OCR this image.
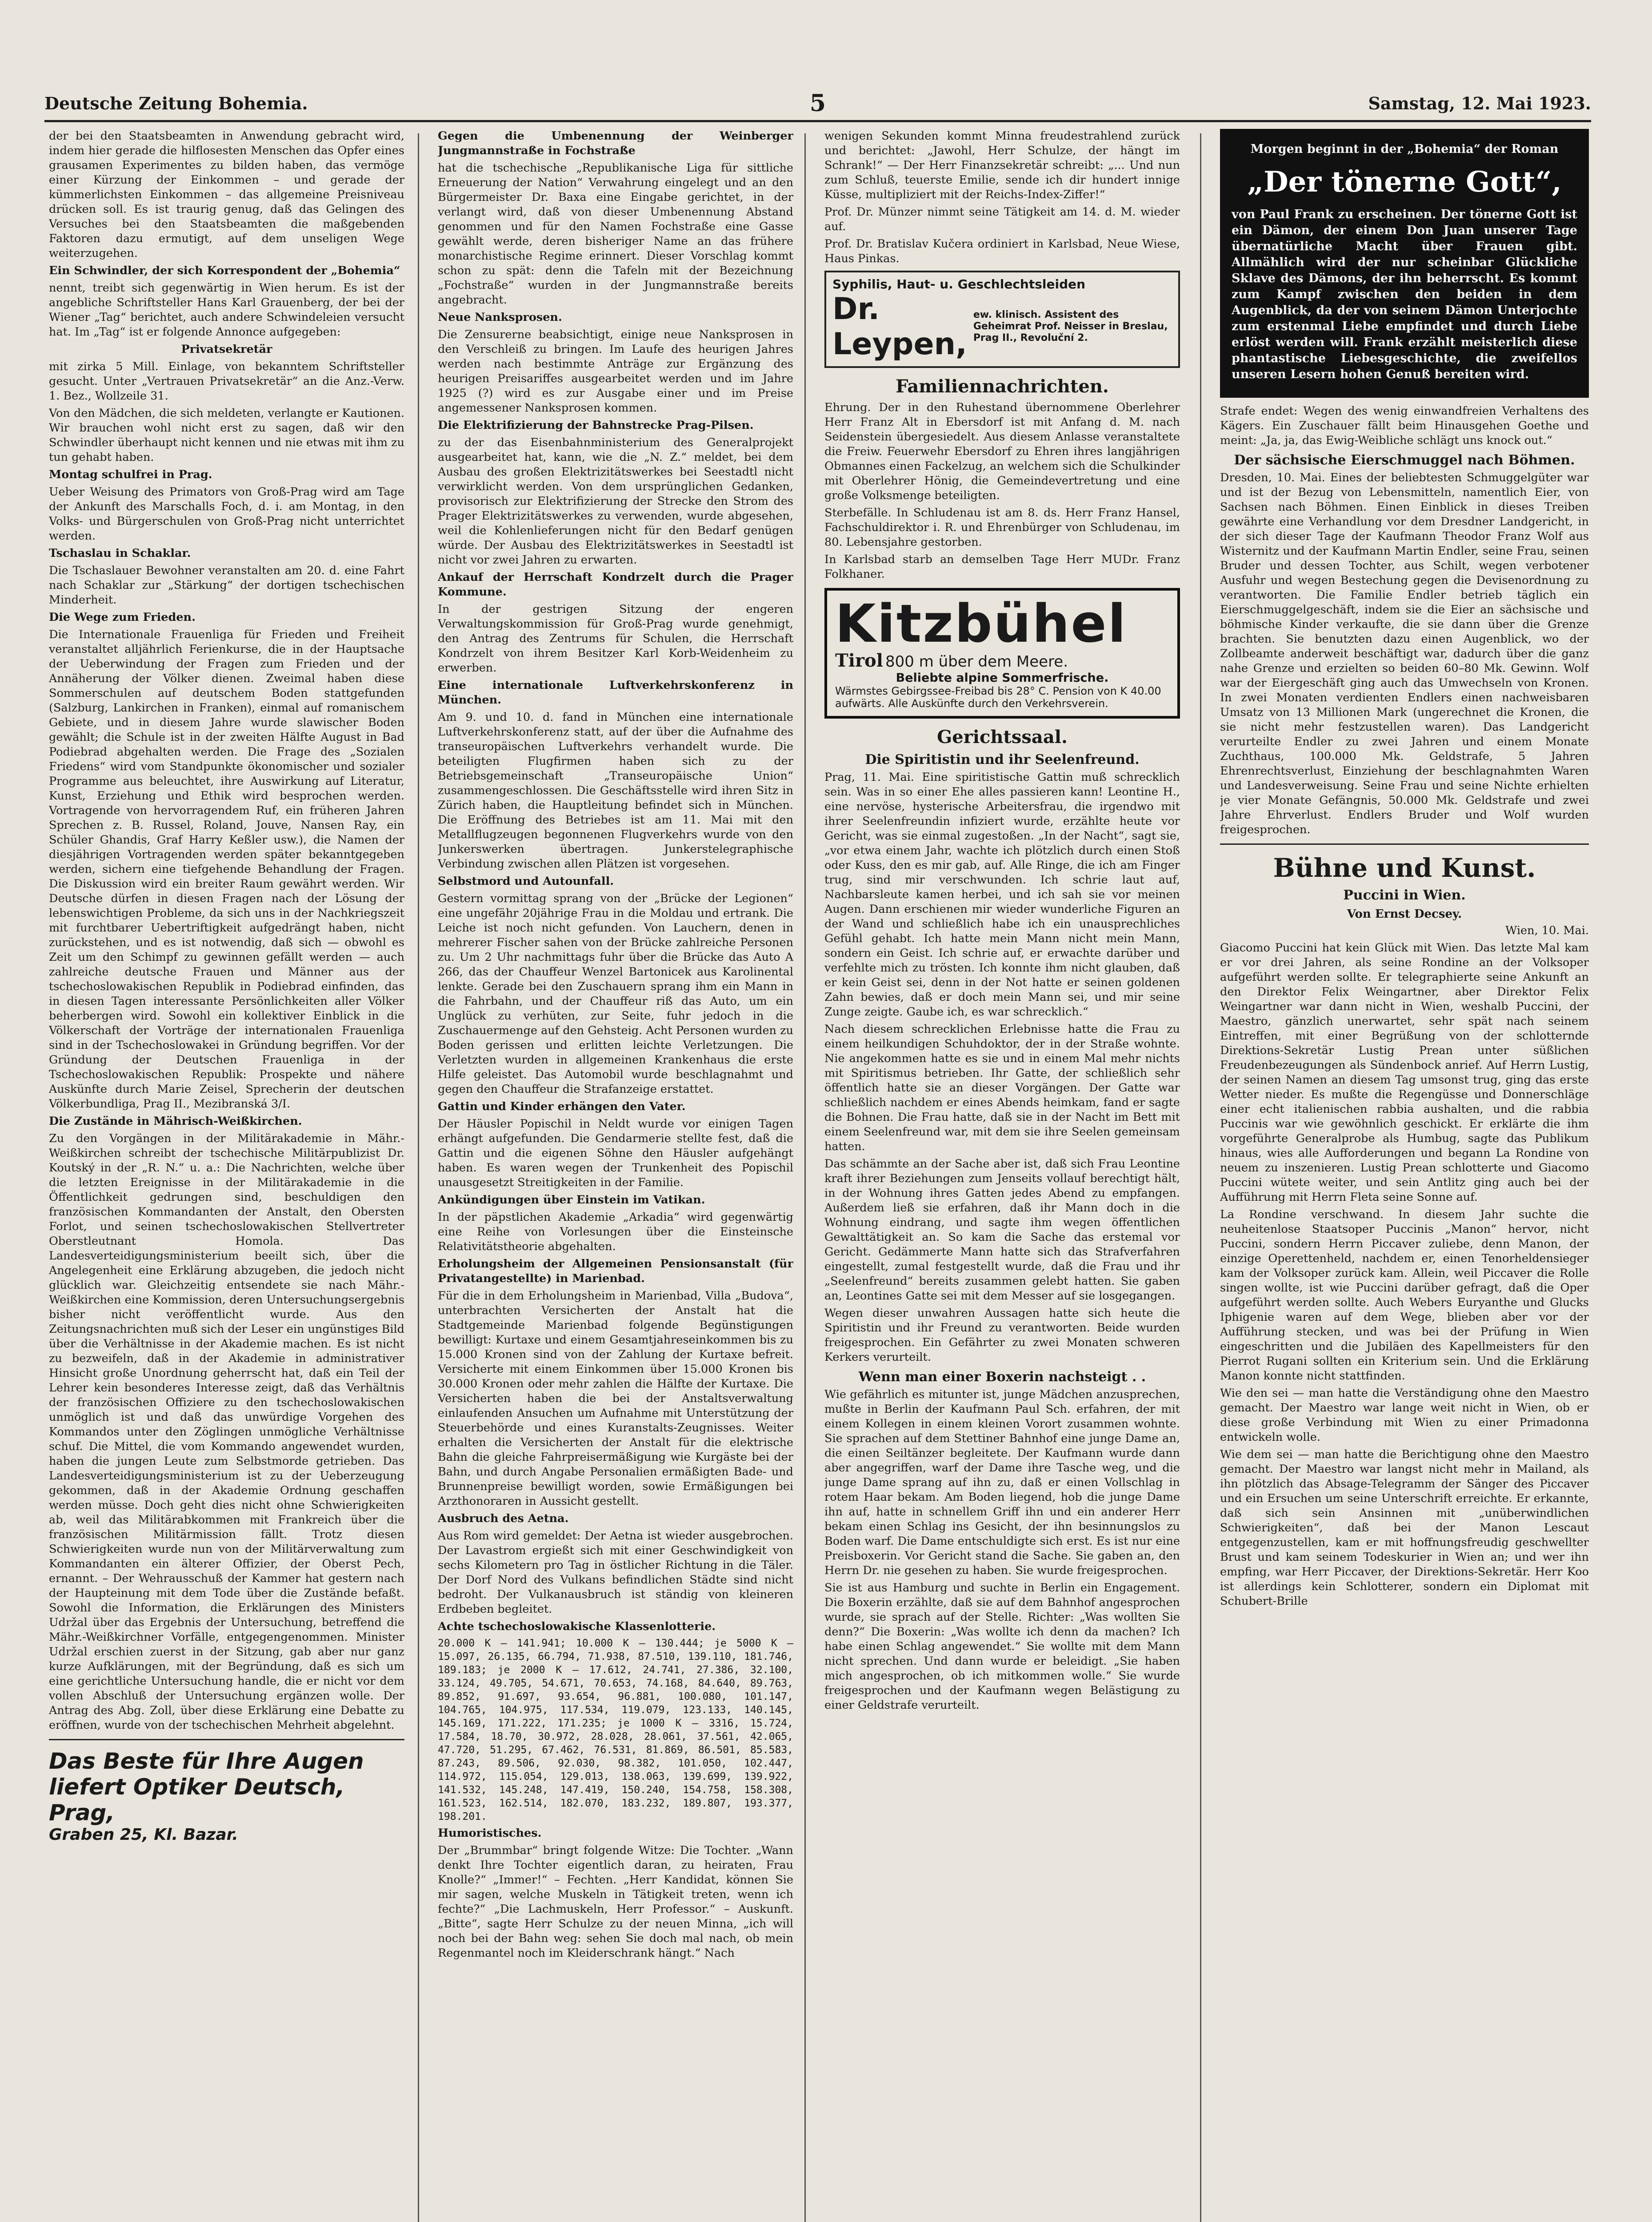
Deutsche Zeitung Bohemia.	5	Samstag, 12. Mai 1923.

der bei den Staatsbeamten in Anwendung gebracht wird, indem hier gerade die hilflosesten Menschen das Opfer eines grausamen Experimentes zu bilden haben, das vermöge einer Kürzung der Einkommen – und gerade der kümmerlichsten Einkommen – das allgemeine Preisniveau drücken soll. Es ist traurig genug, daß das Gelingen des Versuches bei den Staatsbeamten die maßgebenden Faktoren dazu ermutigt, auf dem unseligen Wege weiterzugehen.

Ein Schwindler, der sich Korrespondent der „Bohemia“

nennt, treibt sich gegenwärtig in Wien herum. Es ist der angebliche Schriftsteller Hans Karl Grauenberg, der bei der Wiener „Tag“ berichtet, auch andere Schwindeleien versucht hat. Im „Tag“ ist er folgende Annonce aufgegeben:

Privatsekretär

mit zirka 5 Mill. Einlage, von bekanntem Schriftsteller gesucht. Unter „Vertrauen Privatsekretär“ an die Anz.-Verw. 1. Bez., Wollzeile 31.

Von den Mädchen, die sich meldeten, verlangte er Kautionen. Wir brauchen wohl nicht erst zu sagen, daß wir den Schwindler überhaupt nicht kennen und nie etwas mit ihm zu tun gehabt haben.

Montag schulfrei in Prag.

Ueber Weisung des Primators von Groß-Prag wird am Tage der Ankunft des Marschalls Foch, d. i. am Montag, in den Volks- und Bürgerschulen von Groß-Prag nicht unterrichtet werden.

Tschaslau in Schaklar.

Die Tschaslauer Bewohner veranstalten am 20. d. eine Fahrt nach Schaklar zur „Stärkung“ der dortigen tschechischen Minderheit.

Die Wege zum Frieden.

Die Internationale Frauenliga für Frieden und Freiheit veranstaltet alljährlich Ferienkurse, die in der Hauptsache der Ueberwindung der Fragen zum Frieden und der Annäherung der Völker dienen. Zweimal haben diese Sommerschulen auf deutschem Boden stattgefunden (Salzburg, Lankirchen in Franken), einmal auf romanischem Gebiete, und in diesem Jahre wurde slawischer Boden gewählt; die Schule ist in der zweiten Hälfte August in Bad Podiebrad abgehalten werden. Die Frage des „Sozialen Friedens“ wird vom Standpunkte ökonomischer und sozialer Programme aus beleuchtet, ihre Auswirkung auf Literatur, Kunst, Erziehung und Ethik wird besprochen werden. Vortragende von hervorragendem Ruf, ein früheren Jahren Sprechen z. B. Russel, Roland, Jouve, Nansen Ray, ein Schüler Ghandis, Graf Harry Keßler usw.), die Namen der diesjährigen Vortragenden werden später bekanntgegeben werden, sichern eine tiefgehende Behandlung der Fragen. Die Diskussion wird ein breiter Raum gewährt werden. Wir Deutsche dürfen in diesen Fragen nach der Lösung der lebenswichtigen Probleme, da sich uns in der Nachkriegszeit mit furchtbarer Uebertriftigkeit aufgedrängt haben, nicht zurückstehen, und es ist notwendig, daß sich — obwohl es Zeit um den Schimpf zu gewinnen gefällt werden — auch zahlreiche deutsche Frauen und Männer aus der tschechoslowakischen Republik in Podiebrad einfinden, das in diesen Tagen interessante Persönlichkeiten aller Völker beherbergen wird. Sowohl ein kollektiver Einblick in die Völkerschaft der Vorträge der internationalen Frauenliga sind in der Tschechoslowakei in Gründung begriffen. Vor der Gründung der Deutschen Frauenliga in der Tschechoslowakischen Republik: Prospekte und nähere Auskünfte durch Marie Zeisel, Sprecherin der deutschen Völkerbundliga, Prag II., Mezibranská 3/I.

Die Zustände in Mährisch-Weißkirchen.

Zu den Vorgängen in der Militärakademie in Mähr.-Weißkirchen schreibt der tschechische Militärpublizist Dr. Koutský in der „R. N.“ u. a.: Die Nachrichten, welche über die letzten Ereignisse in der Militärakademie in die Öffentlichkeit gedrungen sind, beschuldigen den französischen Kommandanten der Anstalt, den Obersten Forlot, und seinen tschechoslowakischen Stellvertreter Oberstleutnant Homola. Das Landesverteidigungsministerium beeilt sich, über die Angelegenheit eine Erklärung abzugeben, die jedoch nicht glücklich war. Gleichzeitig entsendete sie nach Mähr.-Weißkirchen eine Kommission, deren Untersuchungsergebnis bisher nicht veröffentlicht wurde. Aus den Zeitungsnachrichten muß sich der Leser ein ungünstiges Bild über die Verhältnisse in der Akademie machen. Es ist nicht zu bezweifeln, daß in der Akademie in administrativer Hinsicht große Unordnung geherrscht hat, daß ein Teil der Lehrer kein besonderes Interesse zeigt, daß das Verhältnis der französischen Offiziere zu den tschechoslowakischen unmöglich ist und daß das unwürdige Vorgehen des Kommandos unter den Zöglingen unmögliche Verhältnisse schuf. Die Mittel, die vom Kommando angewendet wurden, haben die jungen Leute zum Selbstmorde getrieben. Das Landesverteidigungsministerium ist zu der Ueberzeugung gekommen, daß in der Akademie Ordnung geschaffen werden müsse. Doch geht dies nicht ohne Schwierigkeiten ab, weil das Militärabkommen mit Frankreich über die französischen Militärmission fällt. Trotz diesen Schwierigkeiten wurde nun von der Militärverwaltung zum Kommandanten ein älterer Offizier, der Oberst Pech, ernannt. – Der Wehrausschuß der Kammer hat gestern nach der Haupteinung mit dem Tode über die Zustände befaßt. Sowohl die Information, die Erklärungen des Ministers Udržal über das Ergebnis der Untersuchung, betreffend die Mähr.-Weißkirchner Vorfälle, entgegengenommen. Minister Udržal erschien zuerst in der Sitzung, gab aber nur ganz kurze Aufklärungen, mit der Begründung, daß es sich um eine gerichtliche Untersuchung handle, die er nicht vor dem vollen Abschluß der Untersuchung ergänzen wolle. Der Antrag des Abg. Zoll, über diese Erklärung eine Debatte zu eröffnen, wurde von der tschechischen Mehrheit abgelehnt.

Das Beste für Ihre Augen
liefert Optiker Deutsch, Prag,
Graben 25, Kl. Bazar.

Gegen die Umbenennung der Weinberger Jungmannstraße in Fochstraße

hat die tschechische „Republikanische Liga für sittliche Erneuerung der Nation“ Verwahrung eingelegt und an den Bürgermeister Dr. Baxa eine Eingabe gerichtet, in der verlangt wird, daß von dieser Umbenennung Abstand genommen und für den Namen Fochstraße eine Gasse gewählt werde, deren bisheriger Name an das frühere monarchistische Regime erinnert. Dieser Vorschlag kommt schon zu spät: denn die Tafeln mit der Bezeichnung „Fochstraße“ wurden in der Jungmannstraße bereits angebracht.

Neue Nanksprosen.

Die Zensurerne beabsichtigt, einige neue Nanksprosen in den Verschleiß zu bringen. Im Laufe des heurigen Jahres werden nach bestimmte Anträge zur Ergänzung des heurigen Preisariffes ausgearbeitet werden und im Jahre 1925 (?) wird es zur Ausgabe einer und im Preise angemessener Nanksprosen kommen.

Die Elektrifizierung der Bahnstrecke Prag-Pilsen.

zu der das Eisenbahnministerium des Generalprojekt ausgearbeitet hat, kann, wie die „N. Z.“ meldet, bei dem Ausbau des großen Elektrizitätswerkes bei Seestadtl nicht verwirklicht werden. Von dem ursprünglichen Gedanken, provisorisch zur Elektrifizierung der Strecke den Strom des Prager Elektrizitätswerkes zu verwenden, wurde abgesehen, weil die Kohlenlieferungen nicht für den Bedarf genügen würde. Der Ausbau des Elektrizitätswerkes in Seestadtl ist nicht vor zwei Jahren zu erwarten.

Ankauf der Herrschaft Kondrzelt durch die Prager Kommune.

In der gestrigen Sitzung der engeren Verwaltungskommission für Groß-Prag wurde genehmigt, den Antrag des Zentrums für Schulen, die Herrschaft Kondrzelt von ihrem Besitzer Karl Korb-Weidenheim zu erwerben.

Eine internationale Luftverkehrskonferenz in München.

Am 9. und 10. d. fand in München eine internationale Luftverkehrskonferenz statt, auf der über die Aufnahme des transeuropäischen Luftverkehrs verhandelt wurde. Die beteiligten Flugfirmen haben sich zu der Betriebsgemeinschaft „Transeuropäische Union“ zusammengeschlossen. Die Geschäftsstelle wird ihren Sitz in Zürich haben, die Hauptleitung befindet sich in München. Die Eröffnung des Betriebes ist am 11. Mai mit den Metallflugzeugen begonnenen Flugverkehrs wurde von den Junkerswerken übertragen. Junkerstelegraphische Verbindung zwischen allen Plätzen ist vorgesehen.

Selbstmord und Autounfall.

Gestern vormittag sprang von der „Brücke der Legionen“ eine ungefähr 20jährige Frau in die Moldau und ertrank. Die Leiche ist noch nicht gefunden. Von Lauchern, denen in mehrerer Fischer sahen von der Brücke zahlreiche Personen zu. Um 2 Uhr nachmittags fuhr über die Brücke das Auto A 266, das der Chauffeur Wenzel Bartonicek aus Karolinental lenkte. Gerade bei den Zuschauern sprang ihm ein Mann in die Fahrbahn, und der Chauffeur riß das Auto, um ein Unglück zu verhüten, zur Seite, fuhr jedoch in die Zuschauermenge auf den Gehsteig. Acht Personen wurden zu Boden gerissen und erlitten leichte Verletzungen. Die Verletzten wurden in allgemeinen Krankenhaus die erste Hilfe geleistet. Das Automobil wurde beschlagnahmt und gegen den Chauffeur die Strafanzeige erstattet.

Gattin und Kinder erhängen den Vater.

Der Häusler Popischil in Neldt wurde vor einigen Tagen erhängt aufgefunden. Die Gendarmerie stellte fest, daß die Gattin und die eigenen Söhne den Häusler aufgehängt haben. Es waren wegen der Trunkenheit des Popischil unausgesetzt Streitigkeiten in der Familie.

Ankündigungen über Einstein im Vatikan.

In der päpstlichen Akademie „Arkadia“ wird gegenwärtig eine Reihe von Vorlesungen über die Einsteinsche Relativitätstheorie abgehalten.

Erholungsheim der Allgemeinen Pensionsanstalt (für Privatangestellte) in Marienbad.

Für die in dem Erholungsheim in Marienbad, Villa „Budova“, unterbrachten Versicherten der Anstalt hat die Stadtgemeinde Marienbad folgende Begünstigungen bewilligt: Kurtaxe und einem Gesamtjahreseinkommen bis zu 15.000 Kronen sind von der Zahlung der Kurtaxe befreit. Versicherte mit einem Einkommen über 15.000 Kronen bis 30.000 Kronen oder mehr zahlen die Hälfte der Kurtaxe. Die Versicherten haben die bei der Anstaltsverwaltung einlaufenden Ansuchen um Aufnahme mit Unterstützung der Steuerbehörde und eines Kuranstalts-Zeugnisses. Weiter erhalten die Versicherten der Anstalt für die elektrische Bahn die gleiche Fahrpreisermäßigung wie Kurgäste bei der Bahn, und durch Angabe Personalien ermäßigten Bade- und Brunnenpreise bewilligt worden, sowie Ermäßigungen bei Arzthonoraren in Aussicht gestellt.

Ausbruch des Aetna.

Aus Rom wird gemeldet: Der Aetna ist wieder ausgebrochen. Der Lavastrom ergießt sich mit einer Geschwindigkeit von sechs Kilometern pro Tag in östlicher Richtung in die Täler. Der Dorf Nord des Vulkans befindlichen Städte sind nicht bedroht. Der Vulkanausbruch ist ständig von kleineren Erdbeben begleitet.

Achte tschechoslowakische Klassenlotterie.

20.000 K – 141.941; 10.000 K – 130.444; je 5000 K – 15.097, 26.135, 66.794, 71.938, 87.510, 139.110, 181.746, 189.183; je 2000 K – 17.612, 24.741, 27.386, 32.100, 33.124, 49.705, 54.671, 70.653, 74.168, 84.640, 89.763, 89.852, 91.697, 93.654, 96.881, 100.080, 101.147, 104.765, 104.975, 117.534, 119.079, 123.133, 140.145, 145.169, 171.222, 171.235; je 1000 K – 3316, 15.724, 17.584, 18.70, 30.972, 28.028, 28.061, 37.561, 42.065, 47.720, 51.295, 67.462, 76.531, 81.869, 86.501, 85.583, 87.243, 89.506, 92.030, 98.382, 101.050, 102.447, 114.972, 115.054, 129.013, 138.063, 139.699, 139.922, 141.532, 145.248, 147.419, 150.240, 154.758, 158.308, 161.523, 162.514, 182.070, 183.232, 189.807, 193.377, 198.201.

Humoristisches.

Der „Brummbar“ bringt folgende Witze: Die Tochter. „Wann denkt Ihre Tochter eigentlich daran, zu heiraten, Frau Knolle?“ „Immer!“ – Fechten. „Herr Kandidat, können Sie mir sagen, welche Muskeln in Tätigkeit treten, wenn ich fechte?“ „Die Lachmuskeln, Herr Professor.“ – Auskunft. „Bitte“, sagte Herr Schulze zu der neuen Minna, „ich will noch bei der Bahn weg: sehen Sie doch mal nach, ob mein Regenmantel noch im Kleiderschrank hängt.“ Nach

wenigen Sekunden kommt Minna freudestrahlend zurück und berichtet: „Jawohl, Herr Schulze, der hängt im Schrank!“ — Der Herr Finanzsekretär schreibt: „... Und nun zum Schluß, teuerste Emilie, sende ich dir hundert innige Küsse, multipliziert mit der Reichs-Index-Ziffer!“

Prof. Dr. Münzer nimmt seine Tätigkeit am 14. d. M. wieder auf.

Prof. Dr. Bratislav Kučera ordiniert in Karlsbad, Neue Wiese, Haus Pinkas.

Syphilis, Haut- u. Geschlechtsleiden
Dr. Leypen,
ew. klinisch. Assistent des Geheimrat Prof. Neisser in Breslau, Prag II., Revoluční 2.
Familiennachrichten.

Ehrung. Der in den Ruhestand übernommene Oberlehrer Herr Franz Alt in Ebersdorf ist mit Anfang d. M. nach Seidenstein übergesiedelt. Aus diesem Anlasse veranstaltete die Freiw. Feuerwehr Ebersdorf zu Ehren ihres langjährigen Obmannes einen Fackelzug, an welchem sich die Schulkinder mit Oberlehrer Hönig, die Gemeindevertretung und eine große Volksmenge beteiligten.

Sterbefälle. In Schludenau ist am 8. ds. Herr Franz Hansel, Fachschuldirektor i. R. und Ehrenbürger von Schludenau, im 80. Lebensjahre gestorben.

In Karlsbad starb an demselben Tage Herr MUDr. Franz Folkhaner.

Kitzbühel
Tirol 800 m über dem Meere.
Beliebte alpine Sommerfrische.
Wärmstes Gebirgssee-Freibad bis 28° C. Pension von K 40.00 aufwärts. Alle Auskünfte durch den Verkehrsverein.
Gerichtssaal.
Die Spiritistin und ihr Seelenfreund.

Prag, 11. Mai. Eine spiritistische Gattin muß schrecklich sein. Was in so einer Ehe alles passieren kann! Leontine H., eine nervöse, hysterische Arbeitersfrau, die irgendwo mit ihrer Seelenfreundin infiziert wurde, erzählte heute vor Gericht, was sie einmal zugestoßen. „In der Nacht“, sagt sie, „vor etwa einem Jahr, wachte ich plötzlich durch einen Stoß oder Kuss, den es mir gab, auf. Alle Ringe, die ich am Finger trug, sind mir verschwunden. Ich schrie laut auf, Nachbarsleute kamen herbei, und ich sah sie vor meinen Augen. Dann erschienen mir wieder wunderliche Figuren an der Wand und schließlich habe ich ein unausprechliches Gefühl gehabt. Ich hatte mein Mann nicht mein Mann, sondern ein Geist. Ich schrie auf, er erwachte darüber und verfehlte mich zu trösten. Ich konnte ihm nicht glauben, daß er kein Geist sei, denn in der Not hatte er seinen goldenen Zahn bewies, daß er doch mein Mann sei, und mir seine Zunge zeigte. Gaube ich, es war schrecklich.“

Nach diesem schrecklichen Erlebnisse hatte die Frau zu einem heilkundigen Schuhdoktor, der in der Straße wohnte. Nie angekommen hatte es sie und in einem Mal mehr nichts mit Spiritismus betrieben. Ihr Gatte, der schließlich sehr öffentlich hatte sie an dieser Vorgängen. Der Gatte war schließlich nachdem er eines Abends heimkam, fand er sagte die Bohnen. Die Frau hatte, daß sie in der Nacht im Bett mit einem Seelenfreund war, mit dem sie ihre Seelen gemeinsam hatten.

Das schämmte an der Sache aber ist, daß sich Frau Leontine kraft ihrer Beziehungen zum Jenseits vollauf berechtigt hält, in der Wohnung ihres Gatten jedes Abend zu empfangen. Außerdem ließ sie erfahren, daß ihr Mann doch in die Wohnung eindrang, und sagte ihm wegen öffentlichen Gewalttätigkeit an. So kam die Sache das erstemal vor Gericht. Gedämmerte Mann hatte sich das Strafverfahren eingestellt, zumal festgestellt wurde, daß die Frau und ihr „Seelenfreund“ bereits zusammen gelebt hatten. Sie gaben an, Leontines Gatte sei mit dem Messer auf sie losgegangen.

Wegen dieser unwahren Aussagen hatte sich heute die Spiritistin und ihr Freund zu verantworten. Beide wurden freigesprochen. Ein Gefährter zu zwei Monaten schweren Kerkers verurteilt.

Wenn man einer Boxerin nachsteigt . .

Wie gefährlich es mitunter ist, junge Mädchen anzusprechen, mußte in Berlin der Kaufmann Paul Sch. erfahren, der mit einem Kollegen in einem kleinen Vorort zusammen wohnte. Sie sprachen auf dem Stettiner Bahnhof eine junge Dame an, die einen Seiltänzer begleitete. Der Kaufmann wurde dann aber angegriffen, warf der Dame ihre Tasche weg, und die junge Dame sprang auf ihn zu, daß er einen Vollschlag in rotem Haar bekam. Am Boden liegend, hob die junge Dame ihn auf, hatte in schnellem Griff ihn und ein anderer Herr bekam einen Schlag ins Gesicht, der ihn besinnungslos zu Boden warf. Die Dame entschuldigte sich erst. Es ist nur eine Preisboxerin. Vor Gericht stand die Sache. Sie gaben an, den Herrn Dr. nie gesehen zu haben. Sie wurde freigesprochen.

Sie ist aus Hamburg und suchte in Berlin ein Engagement. Die Boxerin erzählte, daß sie auf dem Bahnhof angesprochen wurde, sie sprach auf der Stelle. Richter: „Was wollten Sie denn?“ Die Boxerin: „Was wollte ich denn da machen? Ich habe einen Schlag angewendet.“ Sie wollte mit dem Mann nicht sprechen. Und dann wurde er beleidigt. „Sie haben mich angesprochen, ob ich mitkommen wolle.“ Sie wurde freigesprochen und der Kaufmann wegen Belästigung zu einer Geldstrafe verurteilt.

Morgen beginnt in der „Bohemia“ der Roman

„Der tönerne Gott“,

von Paul Frank zu erscheinen. Der tönerne Gott ist ein Dämon, der einem Don Juan unserer Tage übernatürliche Macht über Frauen gibt. Allmählich wird der nur scheinbar Glückliche Sklave des Dämons, der ihn beherrscht. Es kommt zum Kampf zwischen den beiden in dem Augenblick, da der von seinem Dämon Unterjochte zum erstenmal Liebe empfindet und durch Liebe erlöst werden will. Frank erzählt meisterlich diese phantastische Liebesgeschichte, die zweifellos unseren Lesern hohen Genuß bereiten wird.

Strafe endet: Wegen des wenig einwandfreien Verhaltens des Kägers. Ein Zuschauer fällt beim Hinausgehen Goethe und meint: „Ja, ja, das Ewig-Weibliche schlägt uns knock out.“

Der sächsische Eierschmuggel nach Böhmen.

Dresden, 10. Mai. Eines der beliebtesten Schmuggelgüter war und ist der Bezug von Lebensmitteln, namentlich Eier, von Sachsen nach Böhmen. Einen Einblick in dieses Treiben gewährte eine Verhandlung vor dem Dresdner Landgericht, in der sich dieser Tage der Kaufmann Theodor Franz Wolf aus Wisternitz und der Kaufmann Martin Endler, seine Frau, seinen Bruder und dessen Tochter, aus Schilt, wegen verbotener Ausfuhr und wegen Bestechung gegen die Devisenordnung zu verantworten. Die Familie Endler betrieb täglich ein Eierschmuggelgeschäft, indem sie die Eier an sächsische und böhmische Kinder verkaufte, die sie dann über die Grenze brachten. Sie benutzten dazu einen Augenblick, wo der Zollbeamte anderweit beschäftigt war, dadurch über die ganz nahe Grenze und erzielten so beiden 60–80 Mk. Gewinn. Wolf war der Eiergeschäft ging auch das Umwechseln von Kronen. In zwei Monaten verdienten Endlers einen nachweisbaren Umsatz von 13 Millionen Mark (ungerechnet die Kronen, die sie nicht mehr festzustellen waren). Das Landgericht verurteilte Endler zu zwei Jahren und einem Monate Zuchthaus, 100.000 Mk. Geldstrafe, 5 Jahren Ehrenrechtsverlust, Einziehung der beschlagnahmten Waren und Landesverweisung. Seine Frau und seine Nichte erhielten je vier Monate Gefängnis, 50.000 Mk. Geldstrafe und zwei Jahre Ehrverlust. Endlers Bruder und Wolf wurden freigesprochen.

Bühne und Kunst.
Puccini in Wien.
Von Ernst Decsey.

Wien, 10. Mai.

Giacomo Puccini hat kein Glück mit Wien. Das letzte Mal kam er vor drei Jahren, als seine Rondine an der Volksoper aufgeführt werden sollte. Er telegraphierte seine Ankunft an den Direktor Felix Weingartner, aber Direktor Felix Weingartner war dann nicht in Wien, weshalb Puccini, der Maestro, gänzlich unerwartet, sehr spät nach seinem Eintreffen, mit einer Begrüßung von der schlotternde Direktions-Sekretär Lustig Prean unter süßlichen Freudenbezeugungen als Sündenbock anrief. Auf Herrn Lustig, der seinen Namen an diesem Tag umsonst trug, ging das erste Wetter nieder. Es mußte die Regengüsse und Donnerschläge einer echt italienischen rabbia aushalten, und die rabbia Puccinis war wie gewöhnlich geschickt. Er erklärte die ihm vorgeführte Generalprobe als Humbug, sagte das Publikum hinaus, wies alle Aufforderungen und begann La Rondine von neuem zu inszenieren. Lustig Prean schlotterte und Giacomo Puccini wütete weiter, und sein Antlitz ging auch bei der Aufführung mit Herrn Fleta seine Sonne auf.

La Rondine verschwand. In diesem Jahr suchte die neuheitenlose Staatsoper Puccinis „Manon“ hervor, nicht Puccini, sondern Herrn Piccaver zuliebe, denn Manon, der einzige Operettenheld, nachdem er, einen Tenorheldensieger kam der Volksoper zurück kam. Allein, weil Piccaver die Rolle singen wollte, ist wie Puccini darüber gefragt, daß die Oper aufgeführt werden sollte. Auch Webers Euryanthe und Glucks Iphigenie waren auf dem Wege, blieben aber vor der Aufführung stecken, und was bei der Prüfung in Wien eingeschritten und die Jubiläen des Kapellmeisters für den Pierrot Rugani sollten ein Kriterium sein. Und die Erklärung Manon konnte nicht stattfinden.

Wie den sei — man hatte die Verständigung ohne den Maestro gemacht. Der Maestro war lange weit nicht in Wien, ob er diese große Verbindung mit Wien zu einer Primadonna entwickeln wolle.

Wie dem sei — man hatte die Berichtigung ohne den Maestro gemacht. Der Maestro war langst nicht mehr in Mailand, als ihn plötzlich das Absage-Telegramm der Sänger des Piccaver und ein Ersuchen um seine Unterschrift erreichte. Er erkannte, daß sich sein Ansinnen mit „unüberwindlichen Schwierigkeiten“, daß bei der Manon Lescaut entgegenzustellen, kam er mit hoffnungsfreudig geschwellter Brust und kam seinem Todeskurier in Wien an; und wer ihn empfing, war Herr Piccaver, der Direktions-Sekretär. Herr Koo ist allerdings kein Schlotterer, sondern ein Diplomat mit Schubert-Brille
